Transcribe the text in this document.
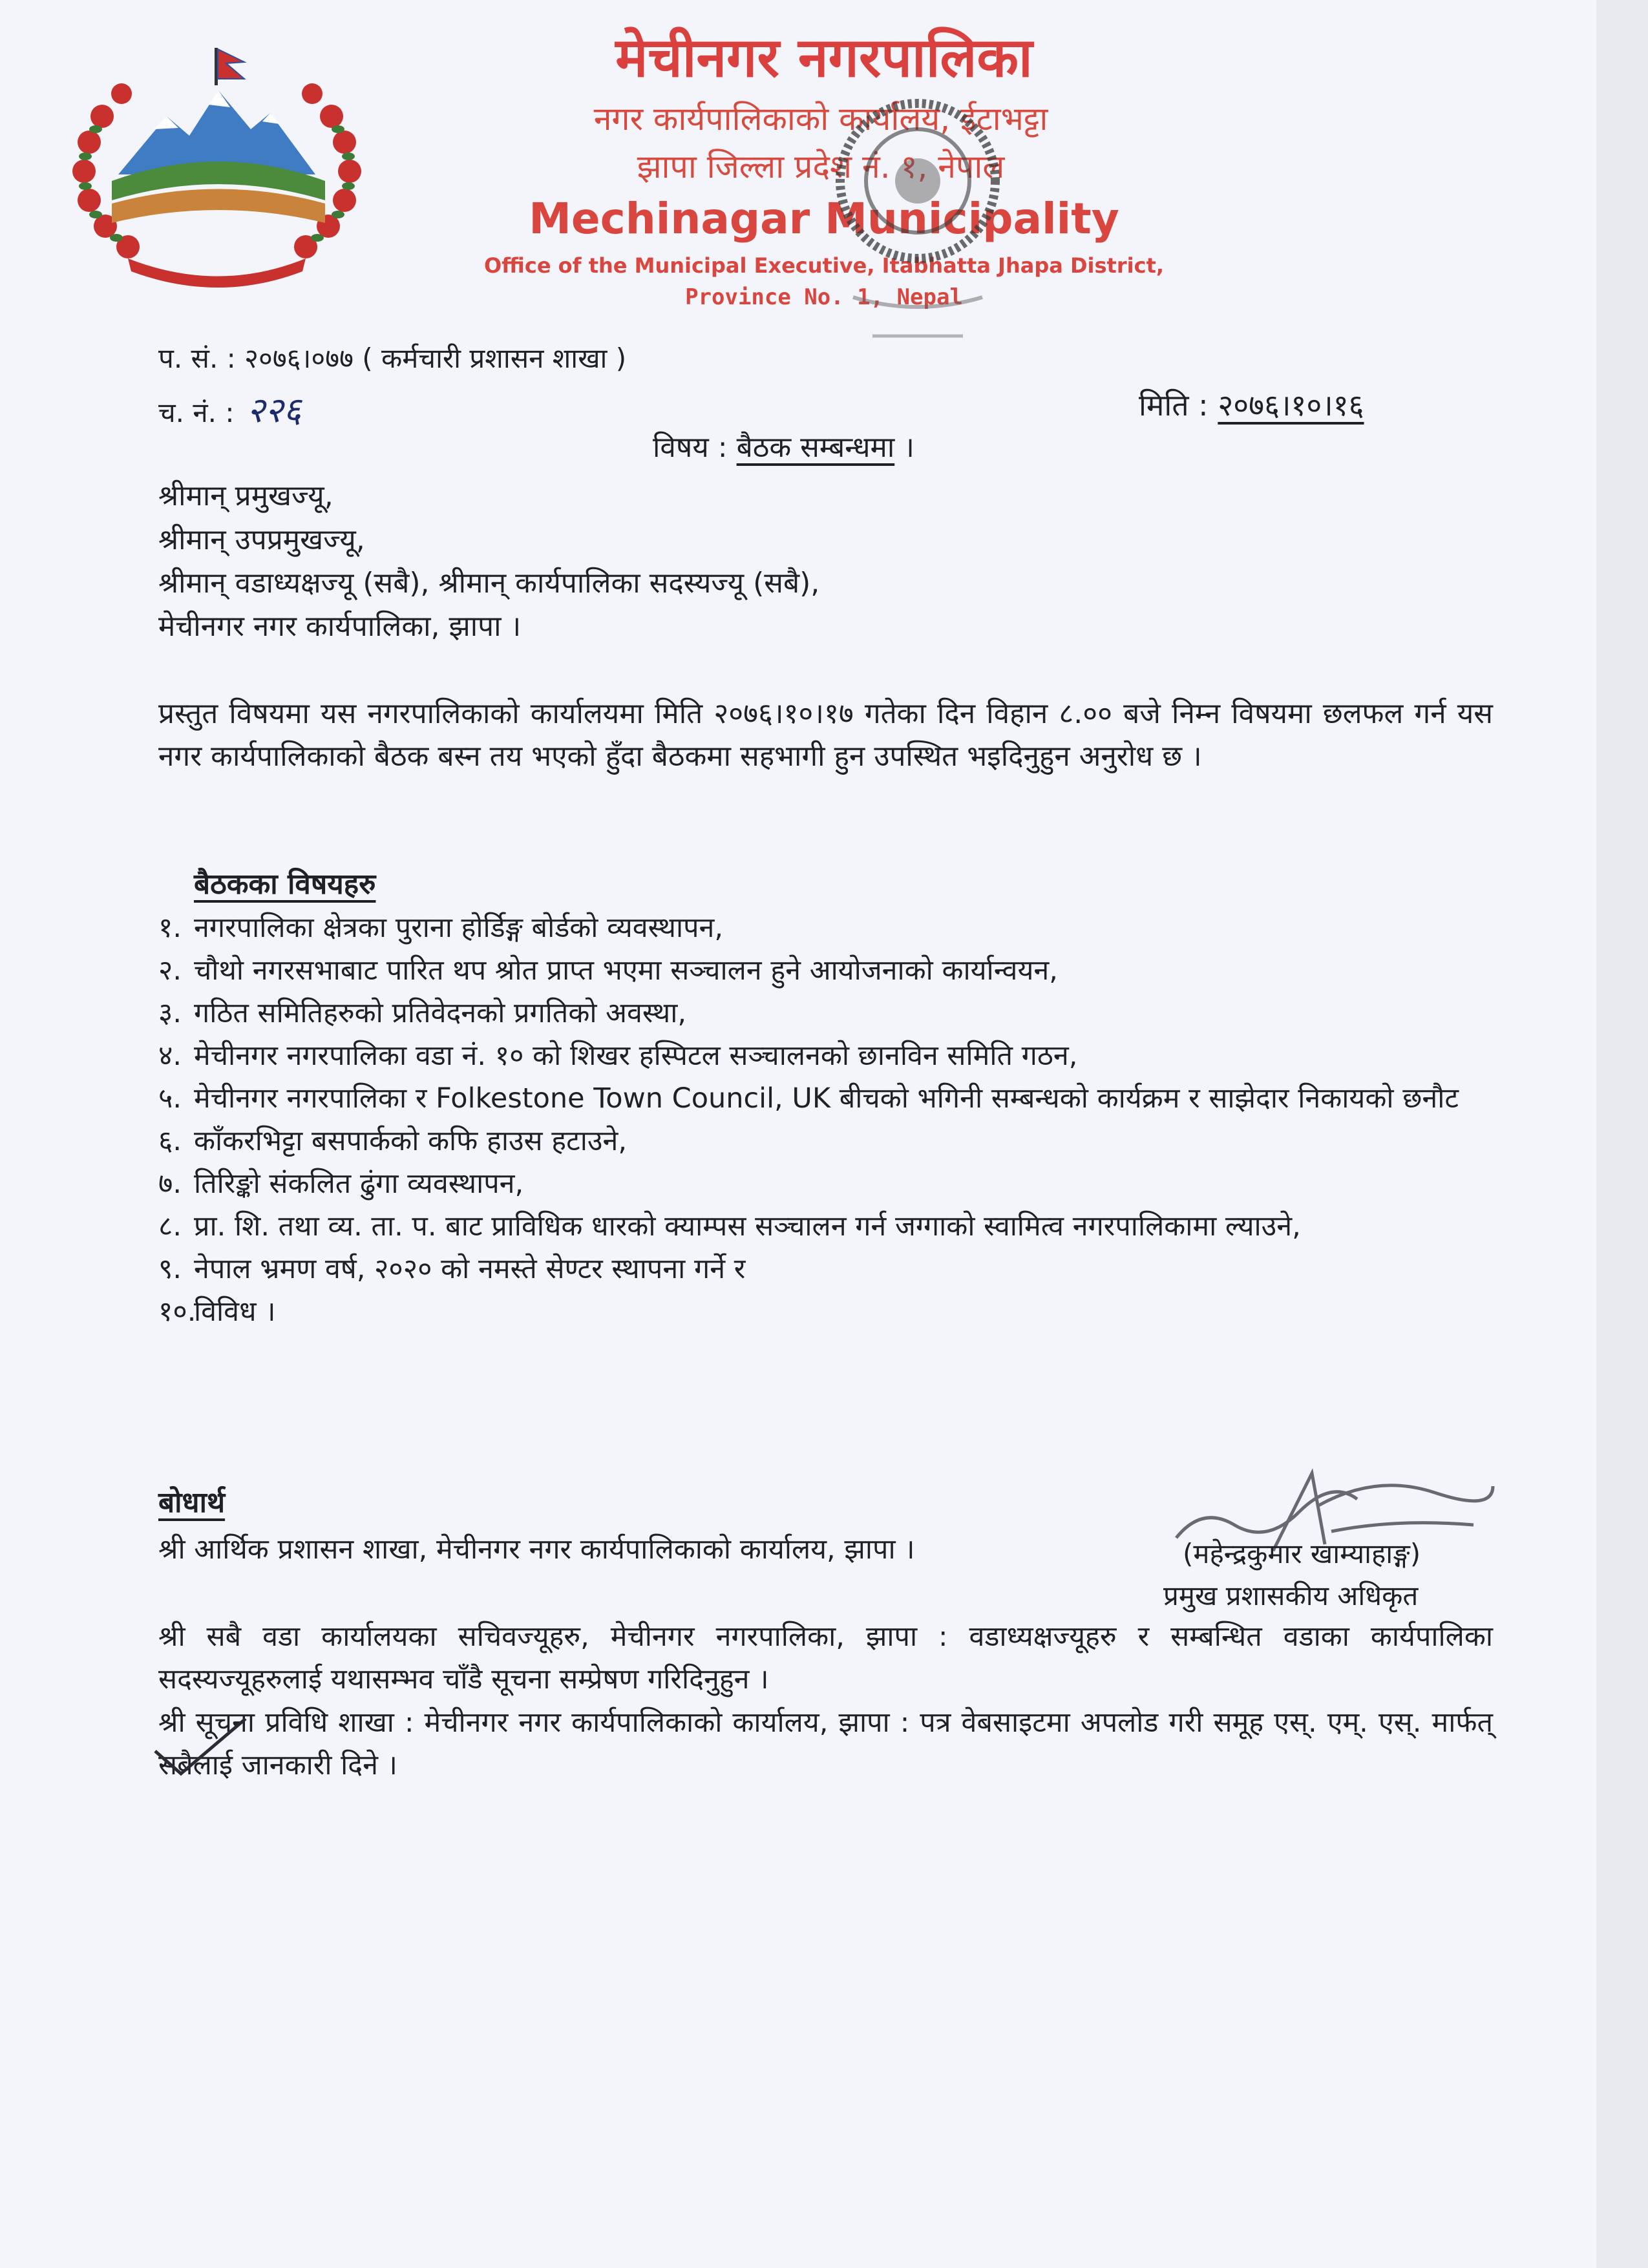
मेचीनगर नगरपालिका
नगर कार्यपालिकाको कार्यालय, ईटाभट्टा
झापा जिल्ला प्रदेश नं. १, नेपाल
Mechinagar Municipality
Office of the Municipal Executive, Itabhatta Jhapa District,
Province No. 1, Nepal
प. सं. : २०७६।०७७ ( कर्मचारी प्रशासन शाखा )
च. नं. : २२६	मिति : २०७६।१०।१६
विषय : बैठक सम्बन्धमा ।
श्रीमान् प्रमुखज्यू,
श्रीमान् उपप्रमुखज्यू,
श्रीमान् वडाध्यक्षज्यू (सबै), श्रीमान् कार्यपालिका सदस्यज्यू (सबै),
मेचीनगर नगर कार्यपालिका, झापा ।
प्रस्तुत विषयमा यस नगरपालिकाको कार्यालयमा मिति २०७६।१०।१७ गतेका दिन विहान ८.०० बजे निम्न विषयमा छलफल गर्न यस नगर कार्यपालिकाको बैठक बस्न तय भएको हुँदा बैठकमा सहभागी हुन उपस्थित भइदिनुहुन अनुरोध छ ।
बैठकका विषयहरु
१. नगरपालिका क्षेत्रका पुराना होर्डिङ्ग बोर्डको व्यवस्थापन,
२. चौथो नगरसभाबाट पारित थप श्रोत प्राप्त भएमा सञ्चालन हुने आयोजनाको कार्यान्वयन,
३. गठित समितिहरुको प्रतिवेदनको प्रगतिको अवस्था,
४. मेचीनगर नगरपालिका वडा नं. १० को शिखर हस्पिटल सञ्चालनको छानविन समिति गठन,
५. मेचीनगर नगरपालिका र Folkestone Town Council, UK बीचको भगिनी सम्बन्धको कार्यक्रम र साझेदार निकायको छनौट
६. काँकरभिट्टा बसपार्कको कफि हाउस हटाउने,
७. तिरिङ्को संकलित ढुंगा व्यवस्थापन,
८. प्रा. शि. तथा व्य. ता. प. बाट प्राविधिक धारको क्याम्पस सञ्चालन गर्न जग्गाको स्वामित्व नगरपालिकामा ल्याउने,
९. नेपाल भ्रमण वर्ष, २०२० को नमस्ते सेण्टर स्थापना गर्ने र
१०.
विविध ।
बोधार्थ
श्री आर्थिक प्रशासन शाखा, मेचीनगर नगर कार्यपालिकाको कार्यालय, झापा ।
श्री सबै वडा कार्यालयका सचिवज्यूहरु, मेचीनगर नगरपालिका, झापा : वडाध्यक्षज्यूहरु र सम्बन्धित वडाका कार्यपालिका सदस्यज्यूहरुलाई यथासम्भव चाँडै सूचना सम्प्रेषण गरिदिनुहुन ।
श्री सूचना प्रविधि शाखा : मेचीनगर नगर कार्यपालिकाको कार्यालय, झापा : पत्र वेबसाइटमा अपलोड गरी समूह एस्. एम्. एस्. मार्फत् सबैलाई जानकारी दिने ।
(महेन्द्रकुमार खाम्याहाङ्ग)
प्रमुख प्रशासकीय अधिकृत
